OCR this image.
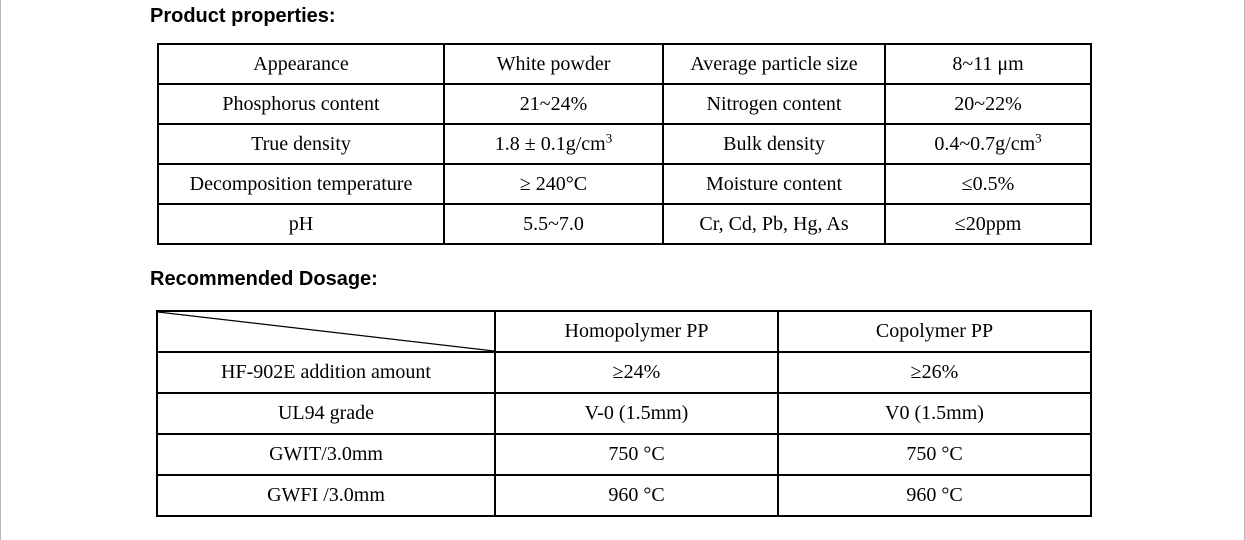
Product properties:
Appearance	White powder	Average particle size	8~11 μm
Phosphorus content	21~24%	Nitrogen content	20~22%
True density	$1.8 \pm 0.1g/cm^3$	Bulk density	$0.4\sim 0.7g/cm^3$
Decomposition temperature	≥ 240°C	Moisture content	≤0.5%
pH	5.5~7.0	Cr, Cd, Pb, Hg, As	≤20ppm
Recommended Dosage:
	Homopolymer PP	Copolymer PP
HF-902E addition amount	≥24%	≥26%
UL94 grade	V-0 (1.5mm)	V0 (1.5mm)
GWIT/3.0mm	750 °C	750 °C
GWFI /3.0mm	960 °C	960 °C
